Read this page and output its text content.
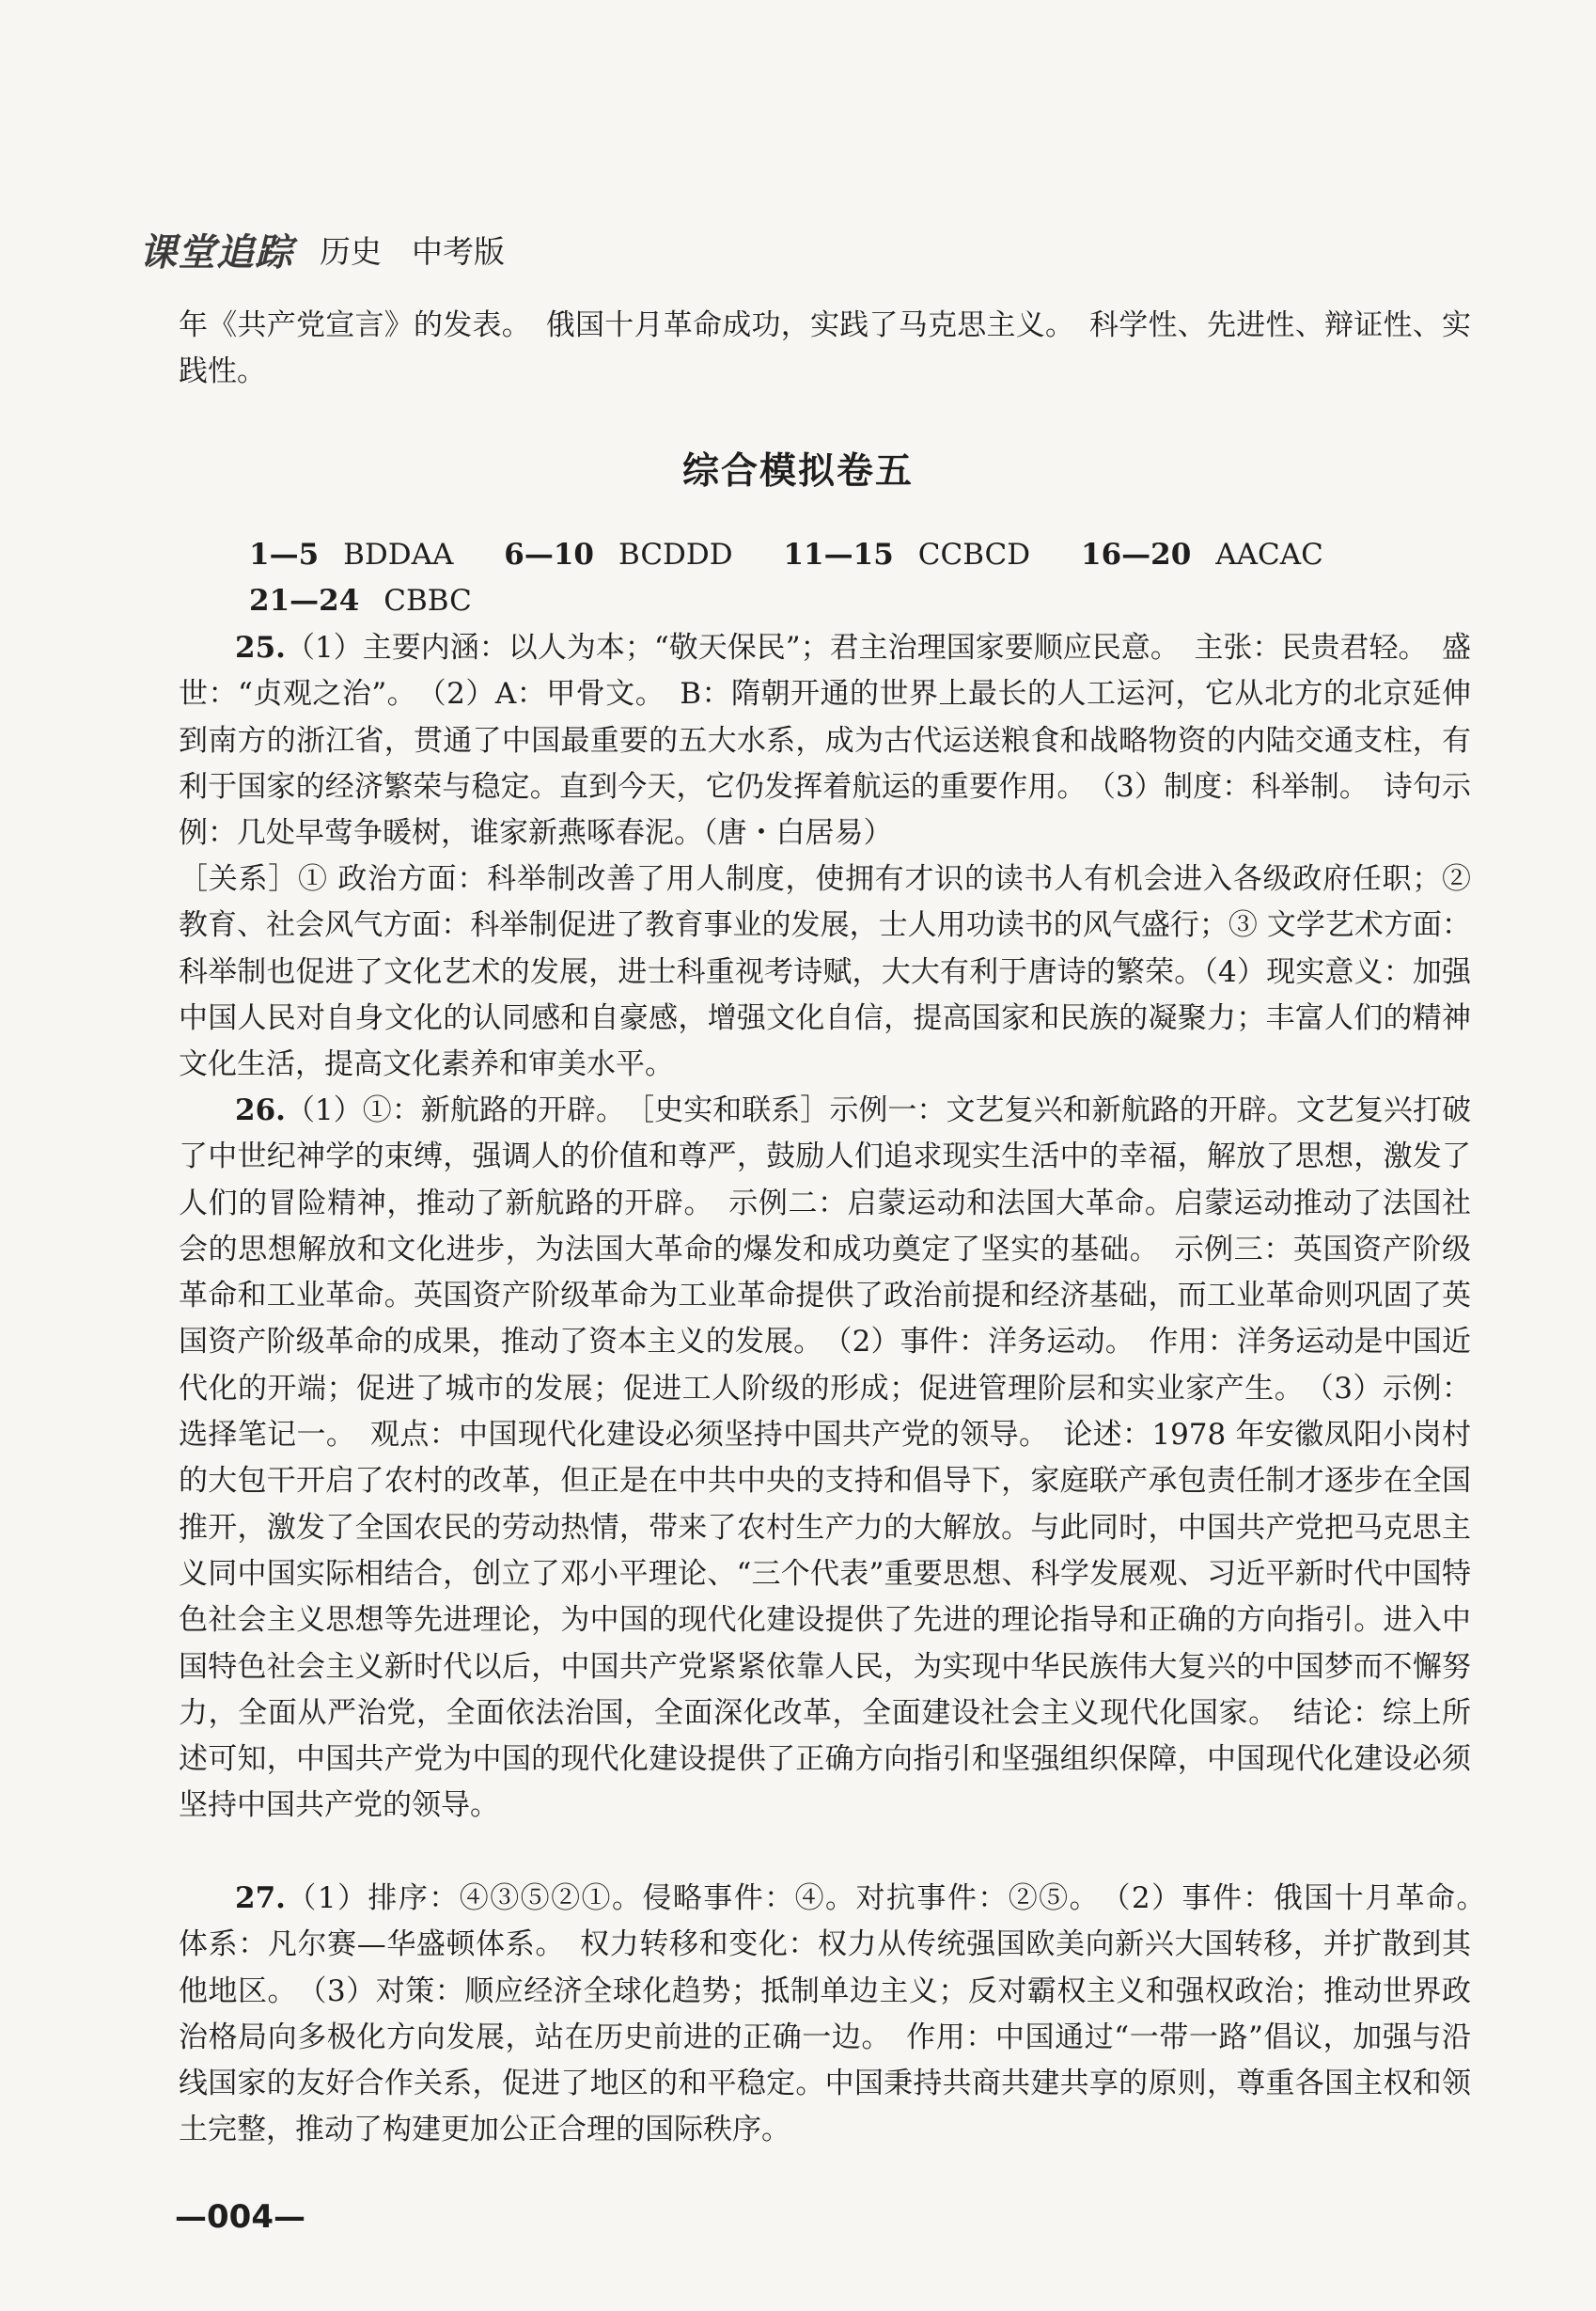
课堂追踪 历史 中考版

年《共产党宣言》的发表。　俄国十月革命成功，实践了马克思主义。　科学性、先进性、辩证性、实践性。

综合模拟卷五
1—5 BDDAA 6—10 BCDDD 11—15 CCBCD 16—20 AACAC
21—24 CBBC

25.（1）主要内涵：以人为本；“敬天保民”；君主治理国家要顺应民意。　主张：民贵君轻。　盛世：“贞观之治”。　（2）A：甲骨文。　B：隋朝开通的世界上最长的人工运河，它从北方的北京延伸到南方的浙江省，贯通了中国最重要的五大水系，成为古代运送粮食和战略物资的内陆交通支柱，有利于国家的经济繁荣与稳定。直到今天，它仍发挥着航运的重要作用。　（3）制度：科举制。　诗句示例：几处早莺争暖树，谁家新燕啄春泥。（唐・白居易）

［关系］① 政治方面：科举制改善了用人制度，使拥有才识的读书人有机会进入各级政府任职；② 教育、社会风气方面：科举制促进了教育事业的发展，士人用功读书的风气盛行；③ 文学艺术方面：科举制也促进了文化艺术的发展，进士科重视考诗赋，大大有利于唐诗的繁荣。（4）现实意义：加强中国人民对自身文化的认同感和自豪感，增强文化自信，提高国家和民族的凝聚力；丰富人们的精神文化生活，提高文化素养和审美水平。

26.（1）①：新航路的开辟。　［史实和联系］示例一：文艺复兴和新航路的开辟。文艺复兴打破了中世纪神学的束缚，强调人的价值和尊严，鼓励人们追求现实生活中的幸福，解放了思想，激发了人们的冒险精神，推动了新航路的开辟。　示例二：启蒙运动和法国大革命。启蒙运动推动了法国社会的思想解放和文化进步，为法国大革命的爆发和成功奠定了坚实的基础。　示例三：英国资产阶级革命和工业革命。英国资产阶级革命为工业革命提供了政治前提和经济基础，而工业革命则巩固了英国资产阶级革命的成果，推动了资本主义的发展。　（2）事件：洋务运动。　作用：洋务运动是中国近代化的开端；促进了城市的发展；促进工人阶级的形成；促进管理阶层和实业家产生。　（3）示例：选择笔记一。　观点：中国现代化建设必须坚持中国共产党的领导。　论述：1978 年安徽凤阳小岗村的大包干开启了农村的改革，但正是在中共中央的支持和倡导下，家庭联产承包责任制才逐步在全国推开，激发了全国农民的劳动热情，带来了农村生产力的大解放。与此同时，中国共产党把马克思主义同中国实际相结合，创立了邓小平理论、“三个代表”重要思想、科学发展观、习近平新时代中国特色社会主义思想等先进理论，为中国的现代化建设提供了先进的理论指导和正确的方向指引。进入中国特色社会主义新时代以后，中国共产党紧紧依靠人民，为实现中华民族伟大复兴的中国梦而不懈努力，全面从严治党，全面依法治国，全面深化改革，全面建设社会主义现代化国家。　结论：综上所述可知，中国共产党为中国的现代化建设提供了正确方向指引和坚强组织保障，中国现代化建设必须坚持中国共产党的领导。

27.（1）排序：④③⑤②①。侵略事件：④。对抗事件：②⑤。　（2）事件：俄国十月革命。　体系：凡尔赛—华盛顿体系。　权力转移和变化：权力从传统强国欧美向新兴大国转移，并扩散到其他地区。　（3）对策：顺应经济全球化趋势；抵制单边主义；反对霸权主义和强权政治；推动世界政治格局向多极化方向发展，站在历史前进的正确一边。　作用：中国通过“一带一路”倡议，加强与沿线国家的友好合作关系，促进了地区的和平稳定。中国秉持共商共建共享的原则，尊重各国主权和领土完整，推动了构建更加公正合理的国际秩序。

—004—
